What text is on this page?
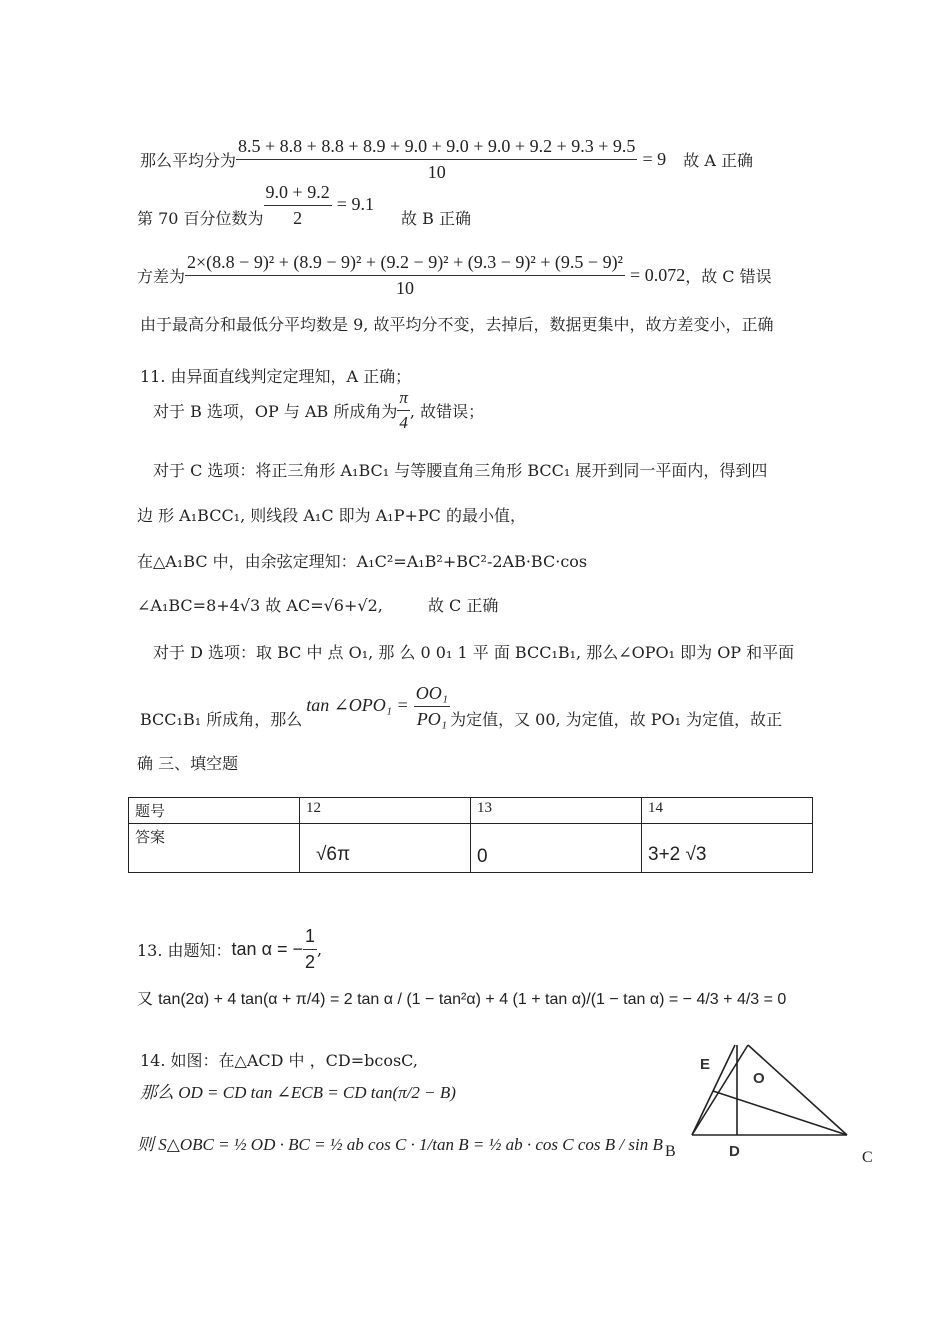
那么平均分为 $\frac{8.5 + 8.8 + 8.8 + 8.9 + 9.0 + 9.0 + 9.0 + 9.2 + 9.3 + 9.5}{10} = 9$ 故 A 正确
第 70 百分位数为 $\frac{9.0 + 9.2}{2} = 9.1$ 故 B 正确
方差为
2×(8.8 − 9)² + (8.9 − 9)² + (9.2 − 9)² + (9.3 − 9)² + (9.5 − 9)²
10
= 0.072，故 C 错误
由于最高分和最低分平均数是 9, 故平均分不变，去掉后，数据更集中，故方差变小，正确
11. 由异面直线判定定理知，A 正确；
对于 B 选项，OP 与 AB 所成角为 $\frac{\pi}{4}$ , 故错误；
对于 C 选项：将正三角形 A₁BC₁ 与等腰直角三角形 BCC₁ 展开到同一平面内，得到四
边 形 A₁BCC₁, 则线段 A₁C 即为 A₁P+PC 的最小值，
在△A₁BC 中，由余弦定理知：A₁C²=A₁B²+BC²-2AB·BC·cos
∠A₁BC=8+4√3 故 AC=√6+√2,	故 C 正确
对于 D 选项：取 BC 中 点 O₁, 那 么 0 0₁ 1 平 面 BCC₁B₁, 那么∠OPO₁ 即为 OP 和平面
BCC₁B₁ 所成角，那么tan ∠OPO₁ = $\frac{\text{OO₁}}{\text{PO₁}}$ 为定值，又 00, 为定值，故 PO₁ 为定值，故正
确 三、填空题
题号	12	13	14
答案	√6π	0	3+2 √3
13. 由题知：tan α = − $\frac{1}{2}$ ,
又 tan(2α) + 4 tan(α + π/4) = 2 tan α / (1 − tan²α) + 4 (1 + tan α)/(1 − tan α) = − 4/3 + 4/3 = 0
14. 如图：在△ACD 中 ，CD=bcosC,
那么 OD = CD tan ∠ECB = CD tan(π/2 − B)
则 S△OBC = ½ OD · BC = ½ ab cos C · 1/tan B = ½ ab · cos C cos B / sin B
E
O
D
B	C
